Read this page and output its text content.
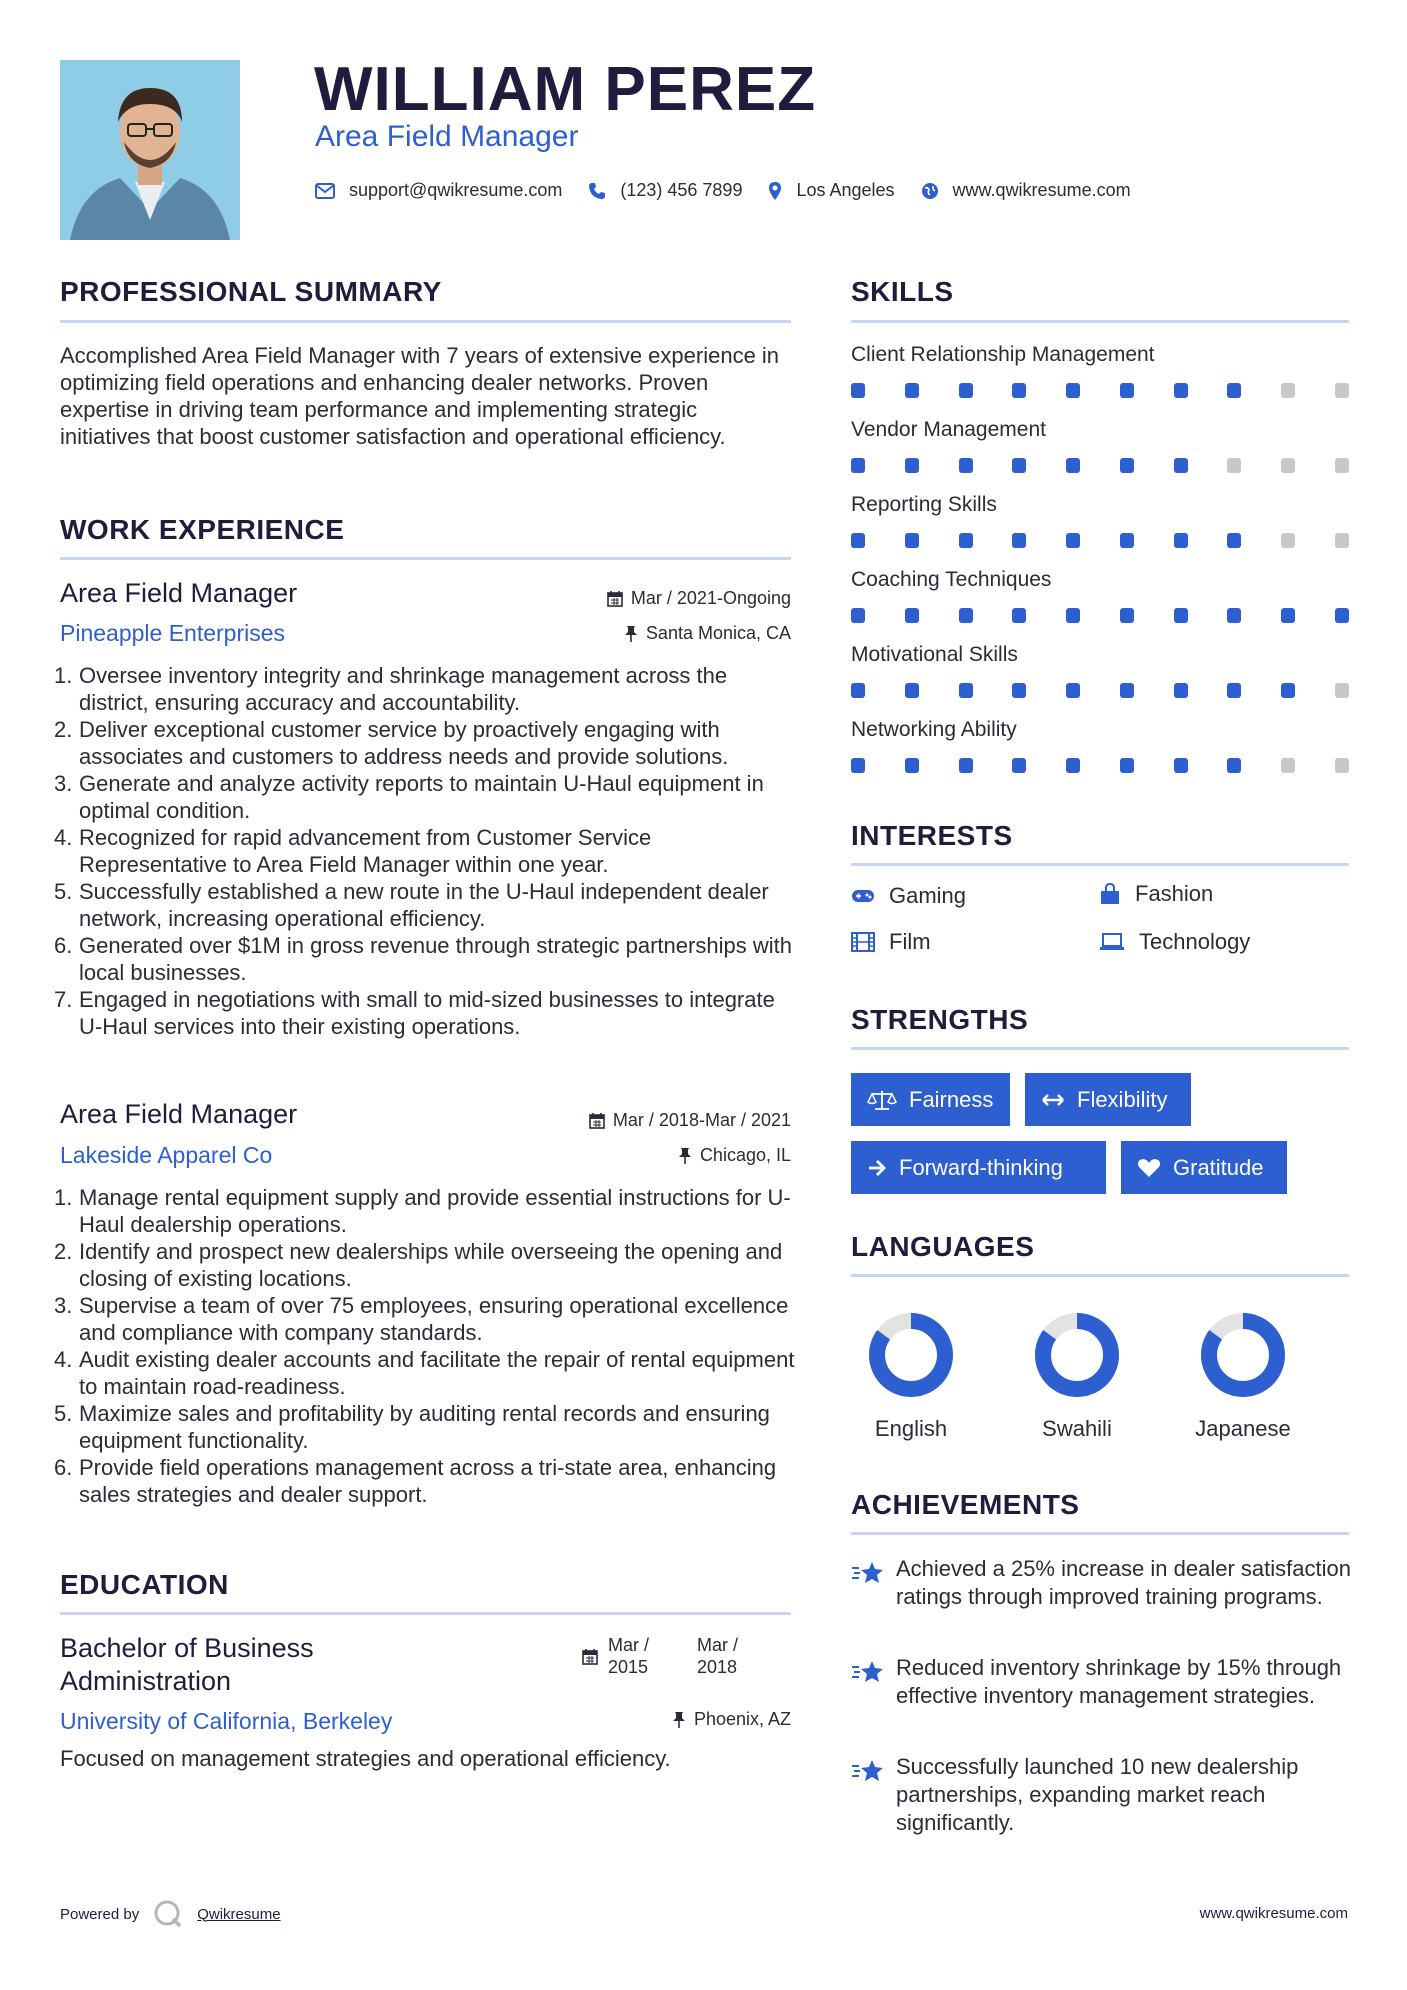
WILLIAM PEREZ
Area Field Manager
support@qwikresume.com	(123) 456 7899	Los Angeles	www.qwikresume.com
PROFESSIONAL SUMMARY
Accomplished Area Field Manager with 7 years of extensive experience in optimizing field operations and enhancing dealer networks. Proven expertise in driving team performance and implementing strategic initiatives that boost customer satisfaction and operational efficiency.
WORK EXPERIENCE
Area Field Manager
Pineapple Enterprises
Mar / 2021-Ongoing
Santa Monica, CA
1. Oversee inventory integrity and shrinkage management across the district, ensuring accuracy and accountability.
2. Deliver exceptional customer service by proactively engaging with associates and customers to address needs and provide solutions.
3. Generate and analyze activity reports to maintain U-Haul equipment in optimal condition.
4. Recognized for rapid advancement from Customer Service Representative to Area Field Manager within one year.
5. Successfully established a new route in the U-Haul independent dealer network, increasing operational efficiency.
6. Generated over $1M in gross revenue through strategic partnerships with local businesses.
7. Engaged in negotiations with small to mid-sized businesses to integrate U-Haul services into their existing operations.
Area Field Manager
Lakeside Apparel Co
Mar / 2018-Mar / 2021
Chicago, IL
1. Manage rental equipment supply and provide essential instructions for U-Haul dealership operations.
2. Identify and prospect new dealerships while overseeing the opening and closing of existing locations.
3. Supervise a team of over 75 employees, ensuring operational excellence and compliance with company standards.
4. Audit existing dealer accounts and facilitate the repair of rental equipment to maintain road-readiness.
5. Maximize sales and profitability by auditing rental records and ensuring equipment functionality.
6. Provide field operations management across a tri-state area, enhancing sales strategies and dealer support.
EDUCATION
Bachelor of Business
Administration
University of California, Berkeley
Mar /
2015
Mar /
2018
Phoenix, AZ
Focused on management strategies and operational efficiency.
SKILLS
Client Relationship Management
Vendor Management
Reporting Skills
Coaching Techniques
Motivational Skills
Networking Ability
INTERESTS
Gaming	Fashion
Film	Technology
STRENGTHS
Fairness	Flexibility
Forward-thinking	Gratitude
LANGUAGES
English	Swahili	Japanese
ACHIEVEMENTS
Achieved a 25% increase in dealer satisfaction ratings through improved training programs.
Reduced inventory shrinkage by 15% through effective inventory management strategies.
Successfully launched 10 new dealership partnerships, expanding market reach significantly.
Powered by	Qwikresume	www.qwikresume.com
